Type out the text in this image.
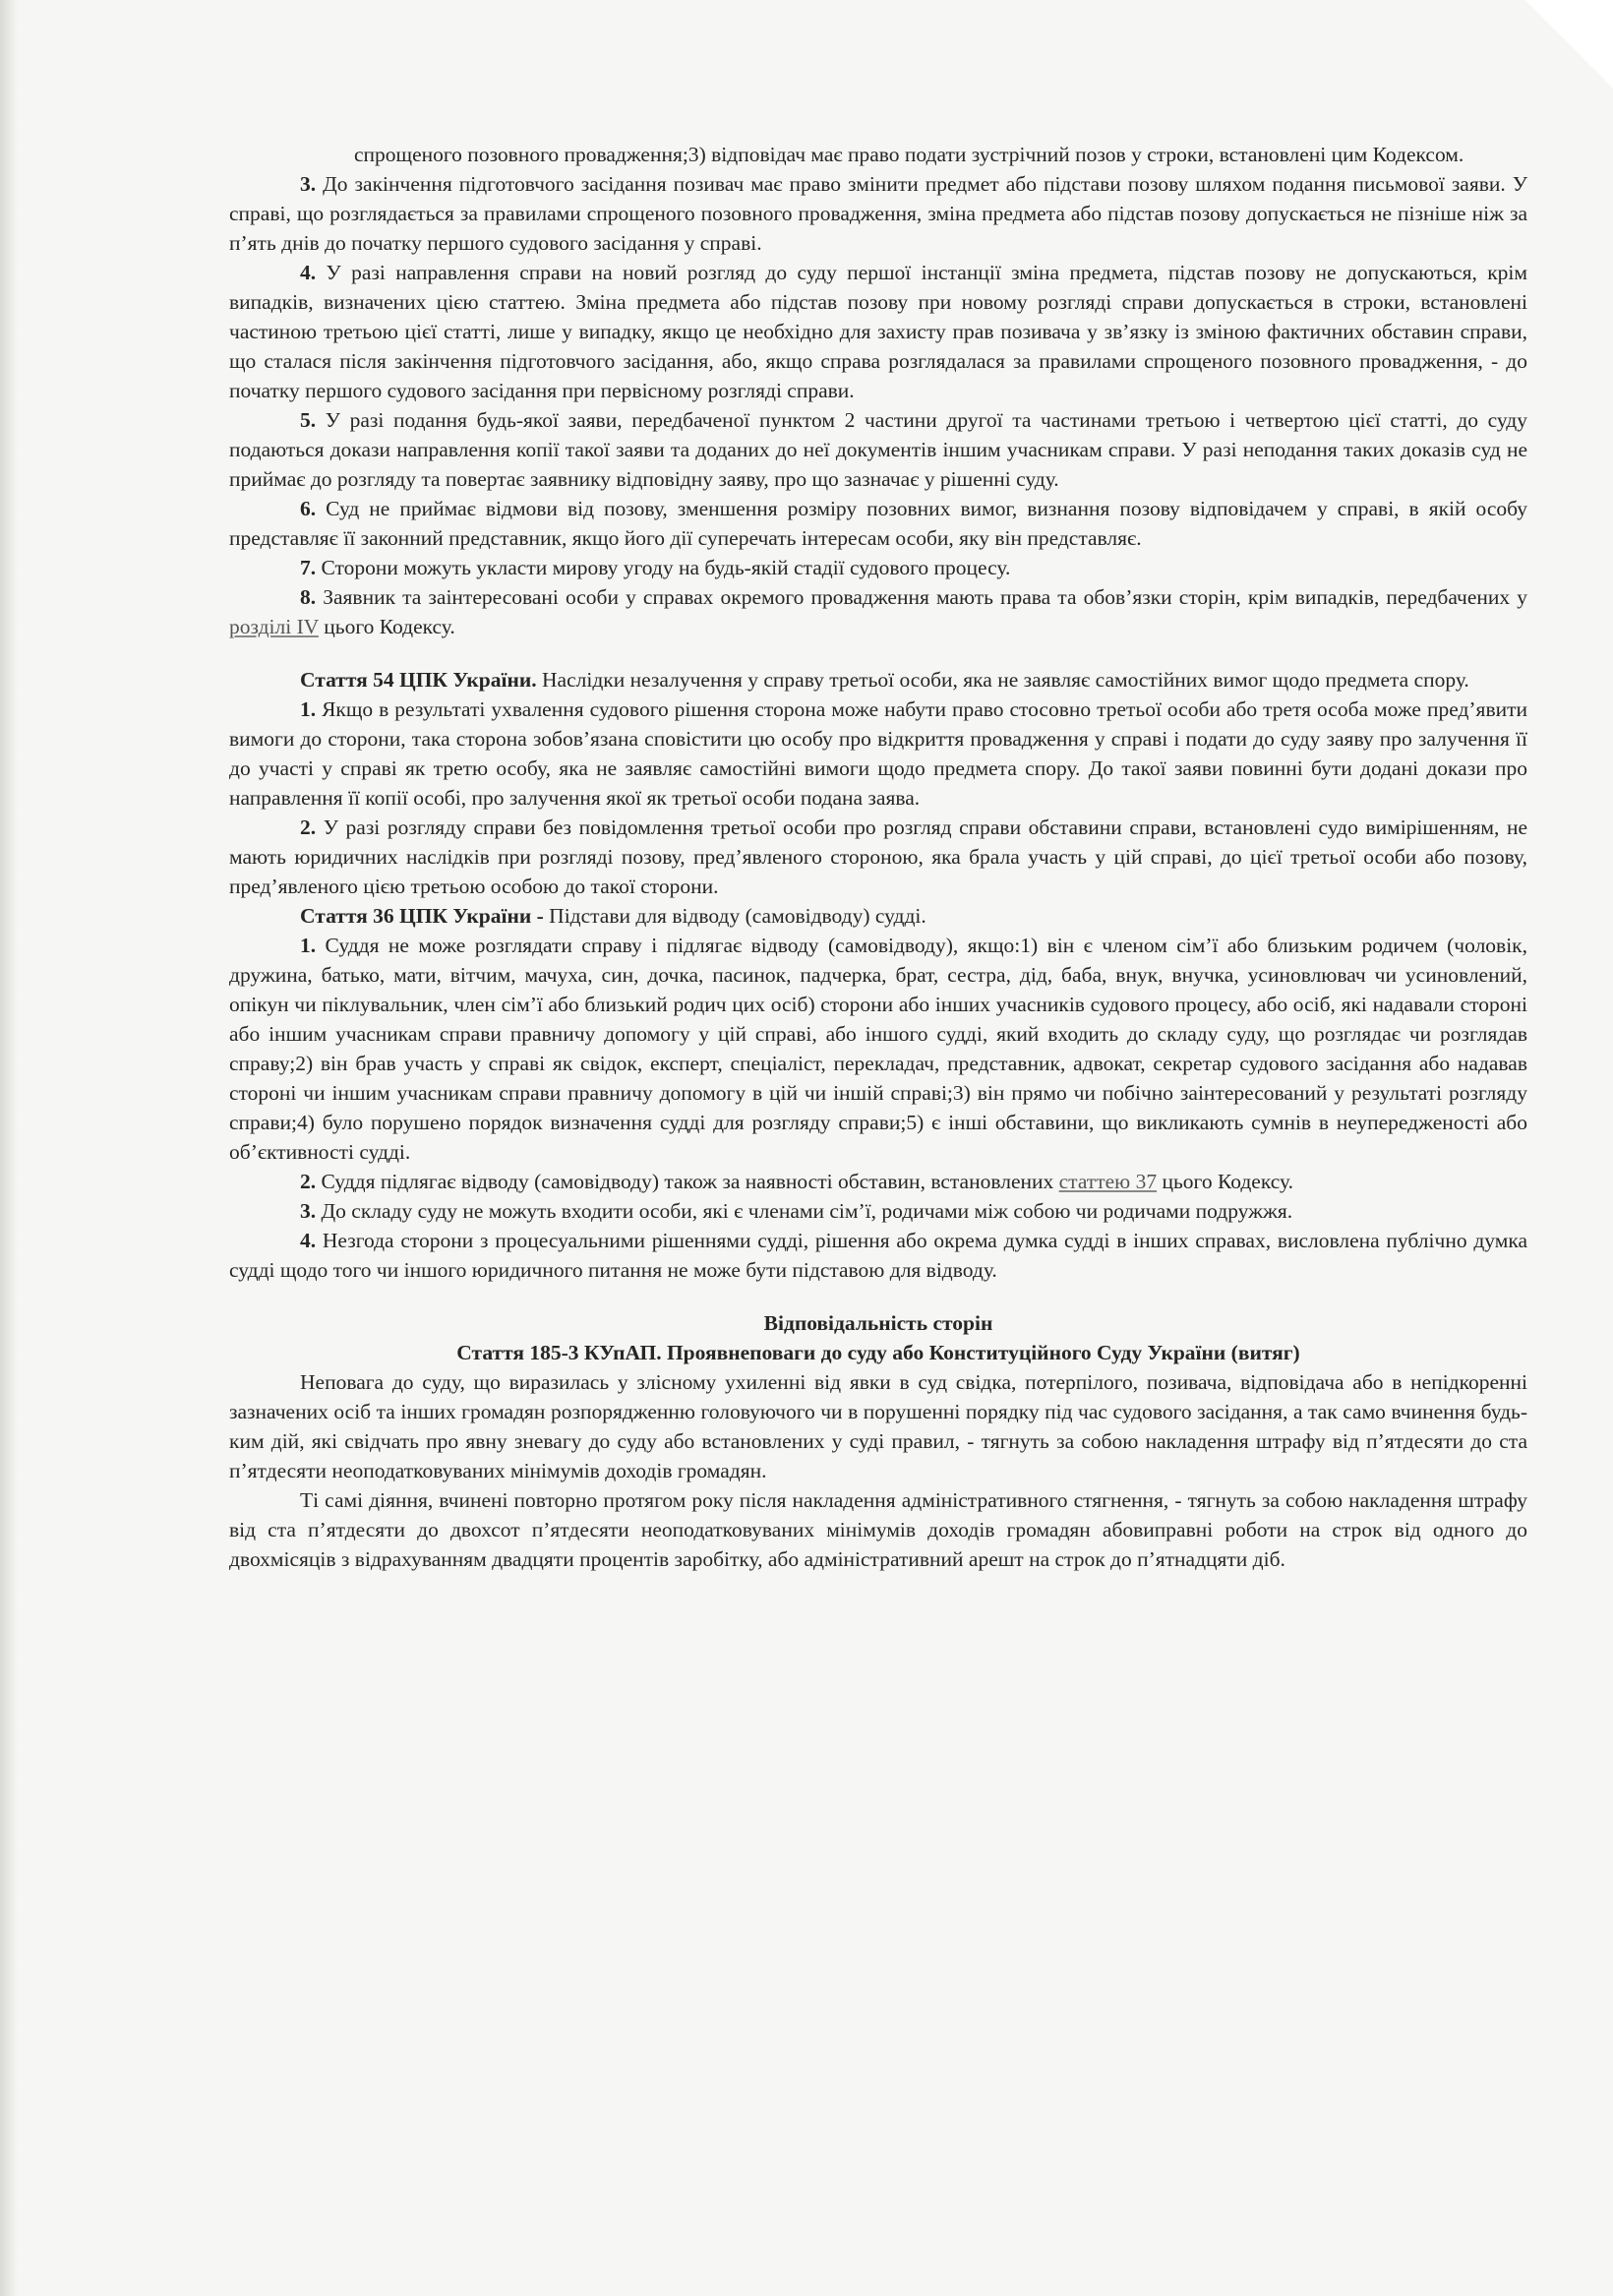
спрощеного позовного провадження;3) відповідач має право подати зустрічний позов у строки, встановлені цим Кодексом.

3. До закінчення підготовчого засідання позивач має право змінити предмет або підстави позову шляхом подання письмової заяви. У справі, що розглядається за правилами спрощеного позовного провадження, зміна предмета або підстав позову допускається не пізніше ніж за п’ять днів до початку першого судового засідання у справі.

4. У разі направлення справи на новий розгляд до суду першої інстанції зміна предмета, підстав позову не допускаються, крім випадків, визначених цією статтею. Зміна предмета або підстав позову при новому розгляді справи допускається в строки, встановлені частиною третьою цієї статті, лише у випадку, якщо це необхідно для захисту прав позивача у зв’язку із зміною фактичних обставин справи, що сталася після закінчення підготовчого засідання, або, якщо справа розглядалася за правилами спрощеного позовного провадження, - до початку першого судового засідання при первісному розгляді справи.

5. У разі подання будь-якої заяви, передбаченої пунктом 2 частини другої та частинами третьою і четвертою цієї статті, до суду подаються докази направлення копії такої заяви та доданих до неї документів іншим учасникам справи. У разі неподання таких доказів суд не приймає до розгляду та повертає заявнику відповідну заяву, про що зазначає у рішенні суду.

6. Суд не приймає відмови від позову, зменшення розміру позовних вимог, визнання позову відповідачем у справі, в якій особу представляє її законний представник, якщо його дії суперечать інтересам особи, яку він представляє.

7. Сторони можуть укласти мирову угоду на будь-якій стадії судового процесу.

8. Заявник та заінтересовані особи у справах окремого провадження мають права та обов’язки сторін, крім випадків, передбачених у розділі IV цього Кодексу.

Стаття 54 ЦПК України. Наслідки незалучення у справу третьої особи, яка не заявляє самостійних вимог щодо предмета спору.

1. Якщо в результаті ухвалення судового рішення сторона може набути право стосовно третьої особи або третя особа може пред’явити вимоги до сторони, така сторона зобов’язана сповістити цю особу про відкриття провадження у справі і подати до суду заяву про залучення її до участі у справі як третю особу, яка не заявляє самостійні вимоги щодо предмета спору. До такої заяви повинні бути додані докази про направлення її копії особі, про залучення якої як третьої особи подана заява.

2. У разі розгляду справи без повідомлення третьої особи про розгляд справи обставини справи, встановлені судо вимірішенням, не мають юридичних наслідків при розгляді позову, пред’явленого стороною, яка брала участь у цій справі, до цієї третьої особи або позову, пред’явленого цією третьою особою до такої сторони.

Стаття 36 ЦПК України - Підстави для відводу (самовідводу) судді.

1. Суддя не може розглядати справу і підлягає відводу (самовідводу), якщо:1) він є членом сім’ї або близьким родичем (чоловік, дружина, батько, мати, вітчим, мачуха, син, дочка, пасинок, падчерка, брат, сестра, дід, баба, внук, внучка, усиновлювач чи усиновлений, опікун чи піклувальник, член сім’ї або близький родич цих осіб) сторони або інших учасників судового процесу, або осіб, які надавали стороні або іншим учасникам справи правничу допомогу у цій справі, або іншого судді, який входить до складу суду, що розглядає чи розглядав справу;2) він брав участь у справі як свідок, експерт, спеціаліст, перекладач, представник, адвокат, секретар судового засідання або надавав стороні чи іншим учасникам справи правничу допомогу в цій чи іншій справі;3) він прямо чи побічно заінтересований у результаті розгляду справи;4) було порушено порядок визначення судді для розгляду справи;5) є інші обставини, що викликають сумнів в неупередженості або об’єктивності судді.

2. Суддя підлягає відводу (самовідводу) також за наявності обставин, встановлених статтею 37 цього Кодексу.

3. До складу суду не можуть входити особи, які є членами сім’ї, родичами між собою чи родичами подружжя.

4. Незгода сторони з процесуальними рішеннями судді, рішення або окрема думка судді в інших справах, висловлена публічно думка судді щодо того чи іншого юридичного питання не може бути підставою для відводу.

Відповідальність сторін

Стаття 185-3 КУпАП. Проявнеповаги до суду або Конституційного Суду України (витяг)

Неповага до суду, що виразилась у злісному ухиленні від явки в суд свідка, потерпілого, позивача, відповідача або в непідкоренні зазначених осіб та інших громадян розпорядженню головуючого чи в порушенні порядку під час судового засідання, а так само вчинення будь-ким дій, які свідчать про явну зневагу до суду або встановлених у суді правил, - тягнуть за собою накладення штрафу від п’ятдесяти до ста п’ятдесяти неоподатковуваних мінімумів доходів громадян.

Ті самі діяння, вчинені повторно протягом року після накладення адміністративного стягнення, - тягнуть за собою накладення штрафу від ста п’ятдесяти до двохсот п’ятдесяти неоподатковуваних мінімумів доходів громадян абовиправні роботи на строк від одного до двохмісяців з відрахуванням двадцяти процентів заробітку, або адміністративний арешт на строк до п’ятнадцяти діб.
